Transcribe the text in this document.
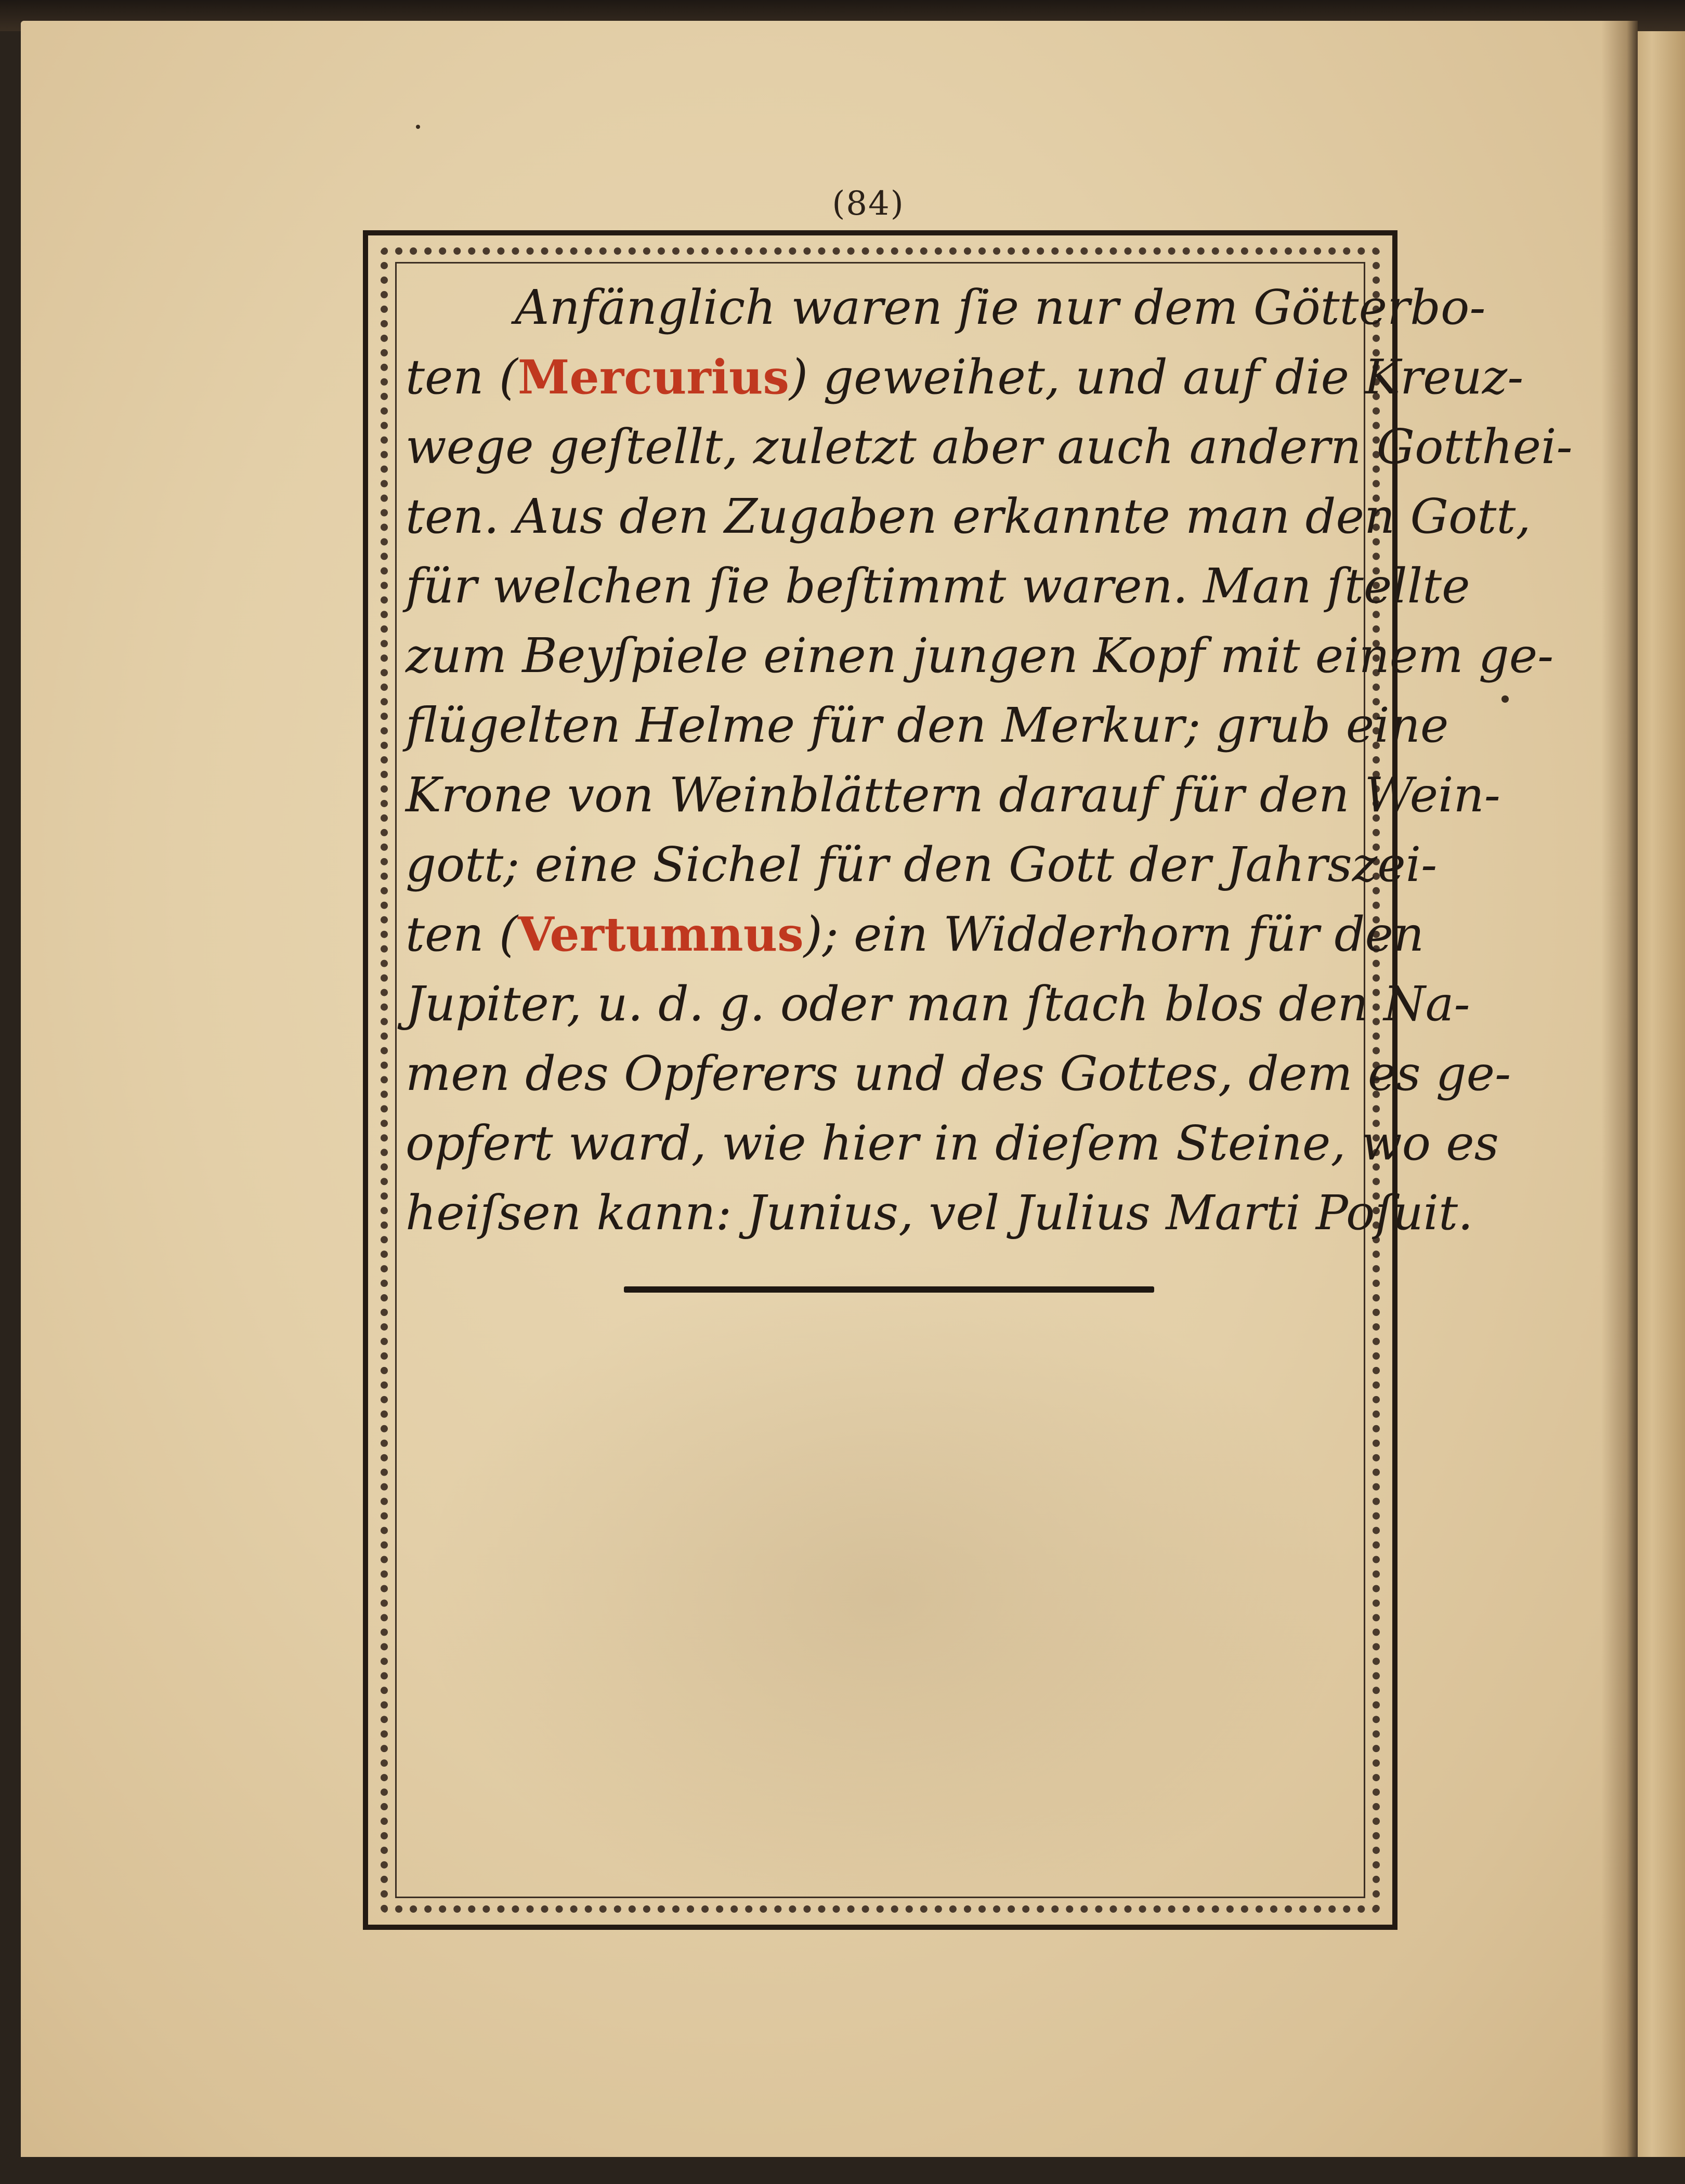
(84)
Anfänglich waren ſie nur dem Götterbo-
ten (Mercurius) geweihet, und auf die Kreuz-
wege geſtellt, zuletzt aber auch andern Gotthei-
ten. Aus den Zugaben erkannte man den Gott,
für welchen ſie beſtimmt waren. Man ſtellte
zum Beyſpiele einen jungen Kopf mit einem ge-
flügelten Helme für den Merkur; grub eine
Krone von Weinblättern darauf für den Wein-
gott; eine Sichel für den Gott der Jahrszei-
ten (Vertumnus); ein Widderhorn für den
Jupiter, u. d. g. oder man ſtach blos den Na-
men des Opferers und des Gottes, dem es ge-
opfert ward, wie hier in dieſem Steine, wo es
heiſsen kann: Junius, vel Julius Marti Poſuit.
